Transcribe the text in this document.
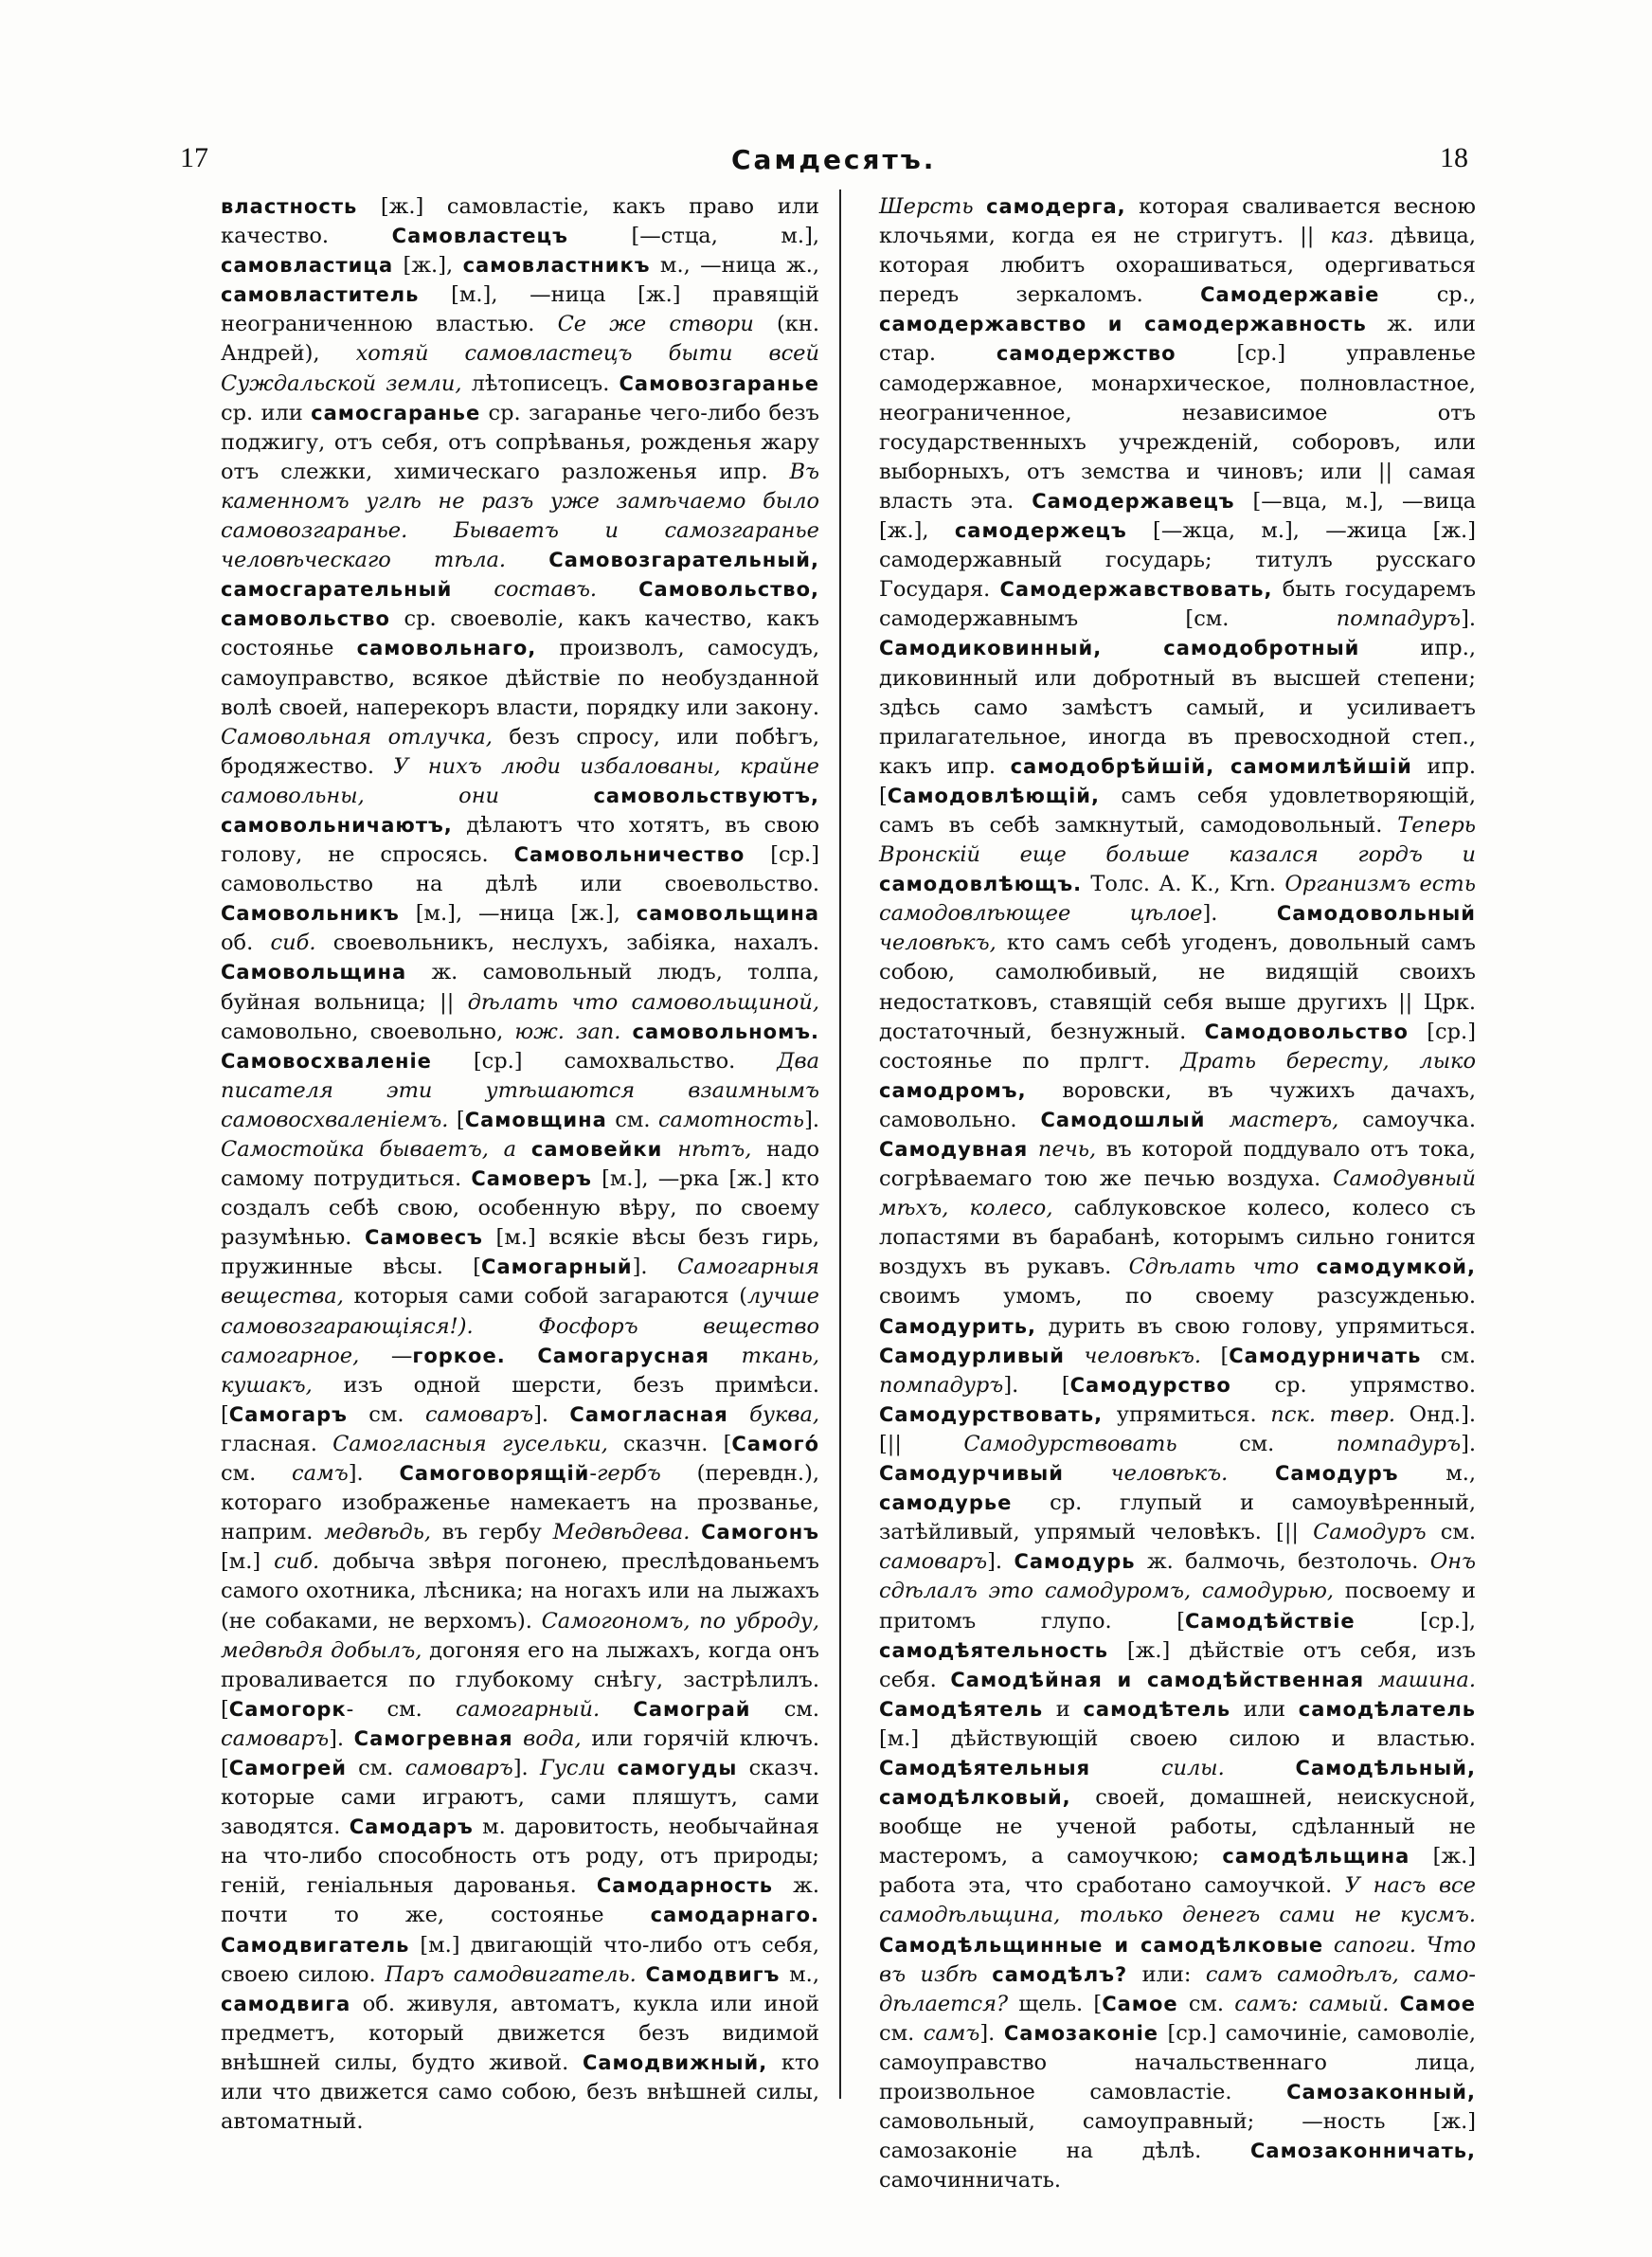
17	Самдесятъ.	18

властность [ж.] самовластіе, какъ право или качество. Самовластецъ [—стца, м.], самовластица [ж.], самовластникъ м., —ница ж., самовластитель [м.], —ница [ж.] правящій неограниченною властью. Се же створи (кн. Андрей), хотяй самовластецъ быти всей Суждальской земли, лѣтописецъ. Самовозгаранье ср. или самосгаранье ср. загаранье чего-либо безъ поджигу, отъ себя, отъ сопрѣванья, рожденья жару отъ слежки, химическаго разложенья ипр. Въ каменномъ углѣ не разъ уже замѣчаемо было самовозгаранье. Бываетъ и самозгаранье человѣческаго тѣла. Самовозгарательный, самосгарательный составъ. Самовольство, самовольство ср. своеволіе, какъ качество, какъ состоянье самовольнаго, произволъ, самосудъ, самоуправство, всякое дѣйствіе по необузданной волѣ своей, наперекоръ власти, порядку или закону. Самовольная отлучка, безъ спросу, или побѣгъ, бродяжество. У нихъ люди избалованы, крайне самовольны, они	самовольствуютъ, самовольничаютъ, дѣлаютъ что хотятъ, въ свою голову, не спросясь. Самовольничество [ср.] самовольство на дѣлѣ или своевольство. Самовольникъ [м.], —ница [ж.], самовольщина об. сиб. своевольникъ, неслухъ, забіяка, нахалъ. Самовольщина ж. самовольный людъ, толпа, буйная вольница; || дѣлать что самовольщиной, самовольно, своевольно, юж. зап. самовольномъ. Самовосхваленіе [ср.] самохвальство. Два писателя эти утѣшаются взаимнымъ самовосхваленіемъ. [Самовщина см. самотность]. Самостойка бываетъ, а самовейки нѣтъ, надо самому потрудиться. Самоверъ [м.], —рка [ж.] кто создалъ себѣ свою, особенную вѣру, по своему разумѣнью. Самовесъ [м.] всякіе вѣсы безъ гирь, пружинные вѣсы. [Самогарный]. Самогарныя вещества, которыя сами собой загараются (лучше самовозгарающіяся!). Фосфоръ вещество самогарное, —горкое. Самогарусная ткань, кушакъ, изъ одной шерсти, безъ примѣси. [Самогаръ см. самоваръ]. Самогласная буква, гласная. Самогласныя гусельки, сказчн. [Самогό см. самъ]. Самоговорящій-гербъ (перевдн.), котораго изображенье намекаетъ на прозванье, наприм. медвѣдь, въ гербу Медвѣдева. Самогонъ [м.] сиб. добыча звѣря погонею, преслѣдованьемъ самого охотника, лѣсника; на ногахъ или на лыжахъ (не собаками, не верхомъ). Самогономъ, по уброду, медвѣдя добылъ, догоняя его на лыжахъ, когда онъ проваливается по глубокому снѣгу, застрѣлилъ. [Самогорк- см. самогарный. Самограй см. самоваръ]. Самогревная вода, или горячій ключъ. [Самогрей см. самоваръ]. Гусли самогуды сказч. которые сами играютъ, сами пляшутъ, сами заводятся. Самодаръ м. даровитость, необычайная на что-либо способность отъ роду, отъ природы; геній, геніальныя дарованья. Самодарность ж. почти то же, состоянье самодарнаго. Самодвигатель [м.] двигающій что-либо отъ себя, своею силою. Паръ самодвигатель. Самодвигъ м., самодвига об. живуля, автоматъ, кукла или иной предметъ, который движется безъ видимой внѣшней силы, будто живой. Самодвижный, кто или что движется само собою, безъ внѣшней силы, автоматный.

Шерсть самодерга, которая сваливается весною клочьями, когда ея не стригутъ. || каз. дѣвица, которая любитъ охорашиваться, одергиваться передъ зеркаломъ. Самодержавіе ср., самодержавство и самодержавность ж. или стар. самодержство [ср.] управленье самодержавное, монархическое, полновластное, неограниченное, независимое отъ государственныхъ учрежденій, соборовъ, или выборныхъ, отъ земства и чиновъ; или || самая власть эта. Самодержавецъ [—вца, м.], —вица [ж.], самодержецъ [—жца, м.], —жица [ж.] самодержавный государь; титулъ русскаго Государя. Самодержавствовать, быть государемъ самодержавнымъ [см. помпадуръ]. Самодиковинный, самодобротный ипр., диковинный или добротный въ высшей степени; здѣсь само замѣстъ самый, и усиливаетъ прилагательное, иногда въ превосходной степ., какъ ипр. самодобрѣйшій, самомилѣйшій ипр. [Самодовлѣющій, самъ себя удовлетворяющій, самъ въ себѣ замкнутый, самодовольный. Теперь Вронскій еще больше казался гордъ и самодовлѣющъ. Толс. А. К., Krn. Организмъ есть самодовлѣющее цѣлое]. Самодовольный человѣкъ, кто самъ себѣ угоденъ, довольный самъ собою, самолюбивый, не видящій своихъ недостатковъ, ставящій себя выше другихъ || Црк. достаточный, безнужный. Самодовольство [ср.] состоянье по прлгт. Драть бересту, лыко самодромъ, воровски, въ чужихъ дачахъ, самовольно. Самодошлый мастеръ, самоучка. Самодувная печь, въ которой поддувало отъ тока, согрѣваемаго тою же печью воздуха. Самодувный мѣхъ, колесо, саблуковское колесо, колесо съ лопастями въ барабанѣ, которымъ сильно гонится воздухъ въ рукавъ. Сдѣлать что самодумкой, своимъ умомъ, по своему разсужденью. Самодурить, дурить въ свою голову, упрямиться. Самодурливый человѣкъ. [Самодурничать см. помпадуръ]. [Самодурство ср. упрямство. Самодурствовать, упрямиться. пск. твер. Онд.]. [|| Самодурствовать см. помпадуръ]. Самодурчивый человѣкъ. Самодуръ м., самодурье ср. глупый и самоувѣренный, затѣйливый, упрямый человѣкъ. [|| Самодуръ см. самоваръ]. Самодурь ж. балмочь, безтолочь. Онъ сдѣлалъ это самодуромъ, самодурью, посвоему и притомъ глупо. [Самодѣйствіе [ср.], самодѣятельность [ж.] дѣйствіе отъ себя, изъ себя. Самодѣйная и самодѣйственная машина. Самодѣятель и самодѣтель или самодѣлатель [м.] дѣйствующій своею силою и властью. Самодѣятельныя	силы.	Самодѣльный, самодѣлковый, своей, домашней, неискусной, вообще не ученой работы, сдѣланный не мастеромъ, а самоучкою; самодѣльщина [ж.] работа эта, что сработано самоучкой. У насъ все самодѣльщина, только денегъ сами не кусмъ. Самодѣльщинные и самодѣлковые сапоги. Что въ избѣ самодѣлъ? или: самъ самодѣлъ, само-дѣлается? щель. [Самое см. самъ: самый. Самое см. самъ]. Самозаконіе [ср.] самочиніе, самоволіе, самоуправство начальственнаго лица, произвольное самовластіе. Самозаконный, самовольный, самоуправный; —ность [ж.] самозаконіе на дѣлѣ. Самозаконничать, самочинничать.
